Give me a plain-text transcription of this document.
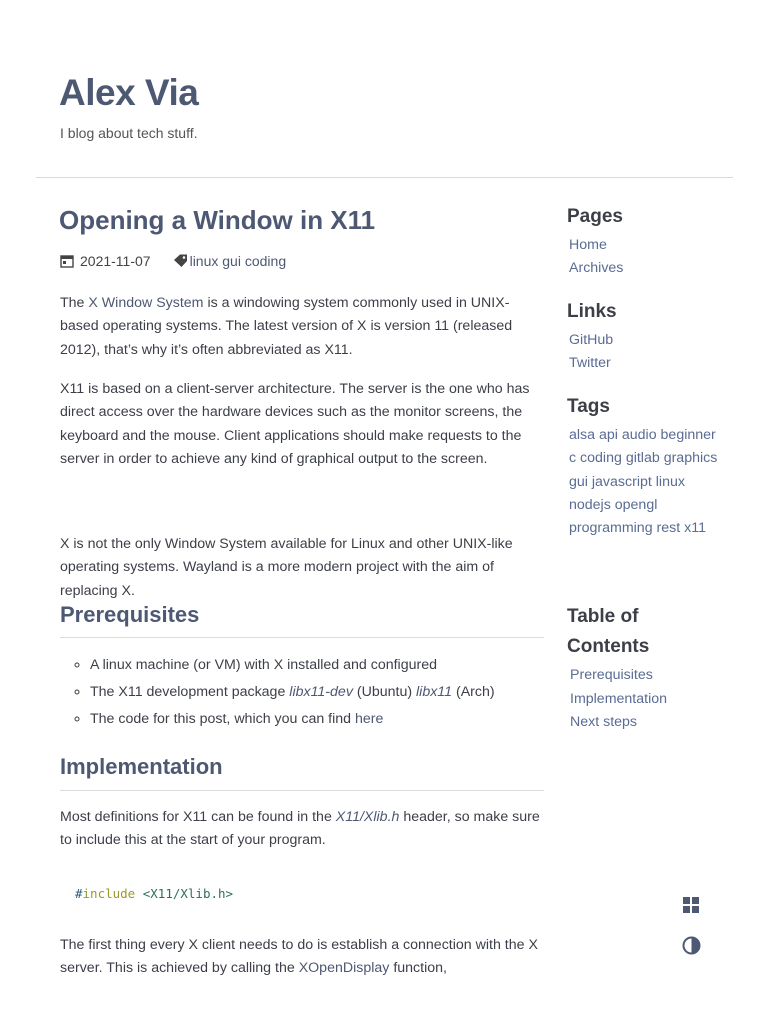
Alex Via
I blog about tech stuff.
Opening a Window in X11
2021-11-07	linux
gui
coding

The X Window System is a windowing system commonly used in UNIX-based operating systems. The latest version of X is version 11 (released 2012), that’s why it’s often abbreviated as X11.

X11 is based on a client-server architecture. The server is the one who has direct access over the hardware devices such as the monitor screens, the keyboard and the mouse. Client applications should make requests to the server in order to achieve any kind of graphical output to the screen.

X is not the only Window System available for Linux and other UNIX-like operating systems. Wayland is a more modern project with the aim of replacing X.

Prerequisites
◦ A linux machine (or VM) with X installed and configured
◦ The X11 development package libx11-dev (Ubuntu) libx11 (Arch)
◦ The code for this post, which you can find here
Implementation

Most definitions for X11 can be found in the X11/Xlib.h header, so make sure to include this at the start of your program.

#include <X11/Xlib.h>

The first thing every X client needs to do is establish a connection with the X server. This is achieved by calling the XOpenDisplay function,

Pages
Home
Archives
Links
GitHub
Twitter
Tags
alsa api audio beginner c coding gitlab graphics gui javascript linux nodejs opengl programming rest x11
Table of Contents
Prerequisites
Implementation
Next steps
